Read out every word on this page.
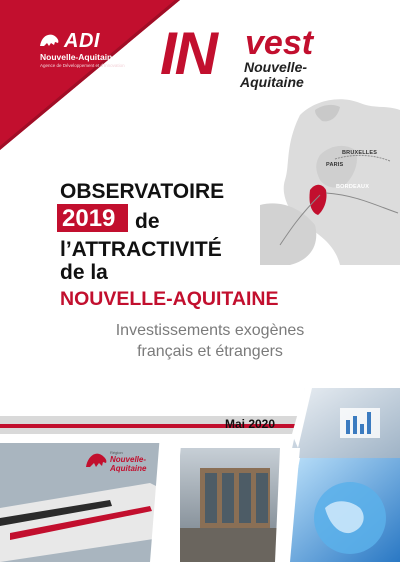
ADI
Nouvelle-Aquitaine
Agence de Développement et d'Innovation IN vest
Nouvelle-
Aquitaine
BRUXELLES
PARIS
BORDEAUX
OBSERVATOIRE
2019 de
l’ATTRACTIVITÉ
de la
NOUVELLE-AQUITAINE
Investissements exogènes
français et étrangers
Mai 2020
Région
Nouvelle-
Aquitaine
